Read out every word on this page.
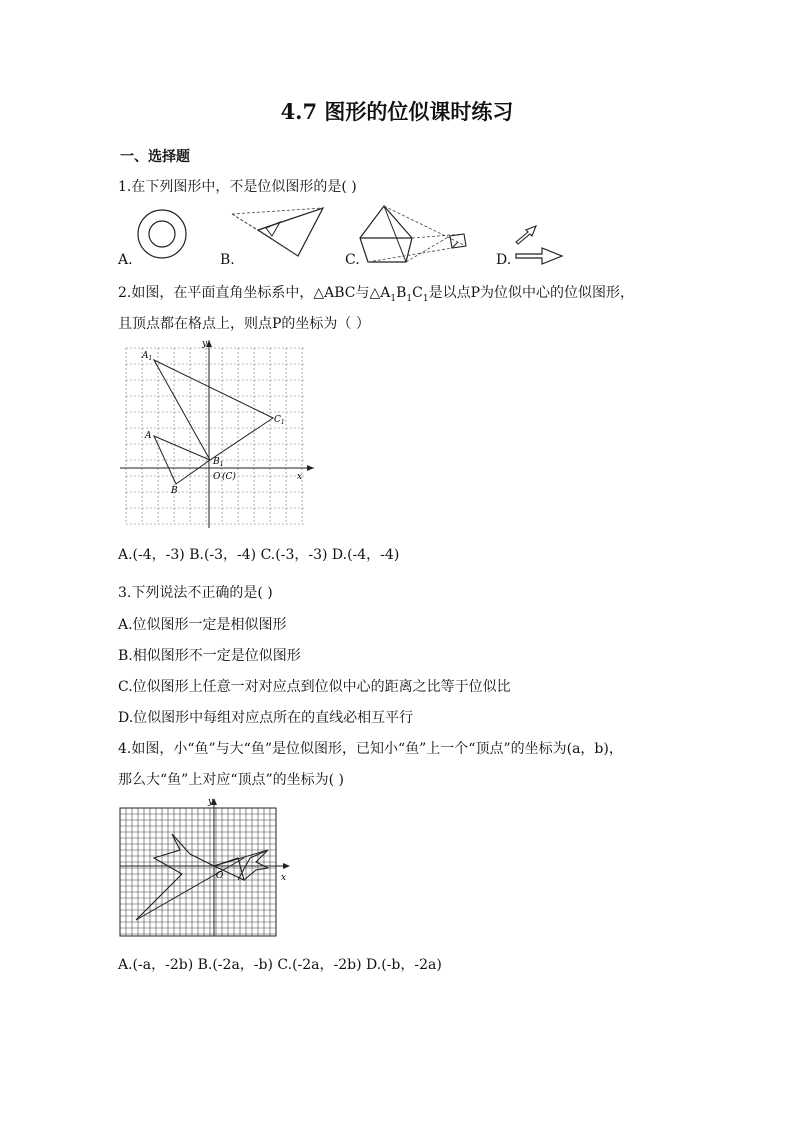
4.7 图形的位似课时练习
一、选择题
1.在下列图形中，不是位似图形的是( )
A.	B.	C.	D.
2.如图，在平面直角坐标系中，△ABC与$\triangle A_1B_1C_1$是以点P为位似中心的位似图形，
且顶点都在格点上，则点P的坐标为（ ）
$A_1$
$C_1$
A
B
$B_1$
O (C)	x
y
A.(-4，-3) B.(-3，-4) C.(-3，-3) D.(-4，-4)
3.下列说法不正确的是( )
A.位似图形一定是相似图形
B.相似图形不一定是位似图形
C.位似图形上任意一对对应点到位似中心的距离之比等于位似比
D.位似图形中每组对应点所在的直线必相互平行
4.如图，小“鱼”与大“鱼”是位似图形，已知小“鱼”上一个“顶点”的坐标为(a，b)，
那么大“鱼”上对应“顶点”的坐标为( )
O	x
y
A.(-a，-2b) B.(-2a，-b) C.(-2a，-2b) D.(-b，-2a)
